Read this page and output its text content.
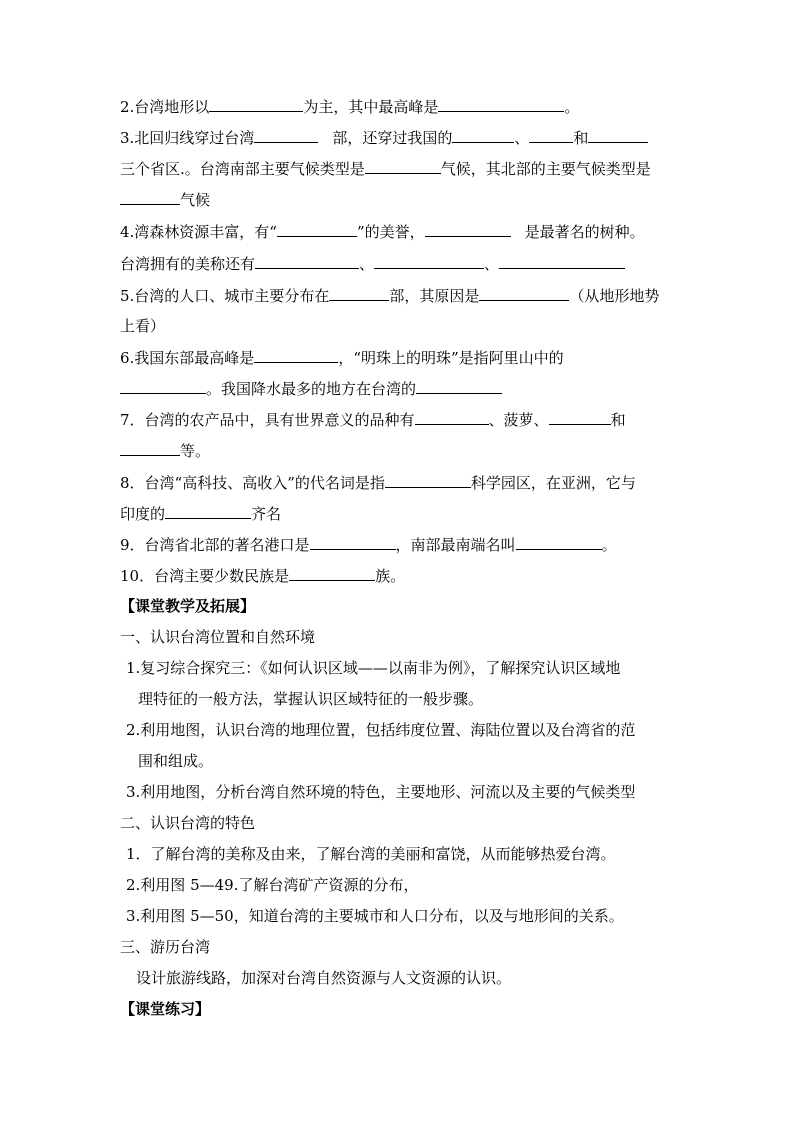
2.台湾地形以	为主，其中最高峰是	。
3.北回归线穿过台湾	部，还穿过我国的	、	和
三个省区.。台湾南部主要气候类型是	气候，其北部的主要气候类型是
气候
4.湾森林资源丰富，有“	”的美誉，	是最著名的树种。
台湾拥有的美称还有	、	、
5.台湾的人口、城市主要分布在	部，其原因是	（从地形地势
上看）
6.我国东部最高峰是	，“明珠上的明珠”是指阿里山中的
。我国降水最多的地方在台湾的
7．台湾的农产品中，具有世界意义的品种有	、菠萝、	和
等。
8．台湾“高科技、高收入”的代名词是指	科学园区，在亚洲，它与
印度的	齐名
9．台湾省北部的著名港口是	，南部最南端名叫	。
10．台湾主要少数民族是	族。
【课堂教学及拓展】
一、认识台湾位置和自然环境
1.复习综合探究三：《如何认识区域——以南非为例》，了解探究认识区域地
理特征的一般方法，掌握认识区域特征的一般步骤。
2.利用地图，认识台湾的地理位置，包括纬度位置、海陆位置以及台湾省的范
围和组成。
3.利用地图，分析台湾自然环境的特色，主要地形、河流以及主要的气候类型
二、认识台湾的特色
1．了解台湾的美称及由来，了解台湾的美丽和富饶，从而能够热爱台湾。
2.利用图 5—49.了解台湾矿产资源的分布，
3.利用图 5—50，知道台湾的主要城市和人口分布，以及与地形间的关系。
三、游历台湾
设计旅游线路，加深对台湾自然资源与人文资源的认识。
【课堂练习】
